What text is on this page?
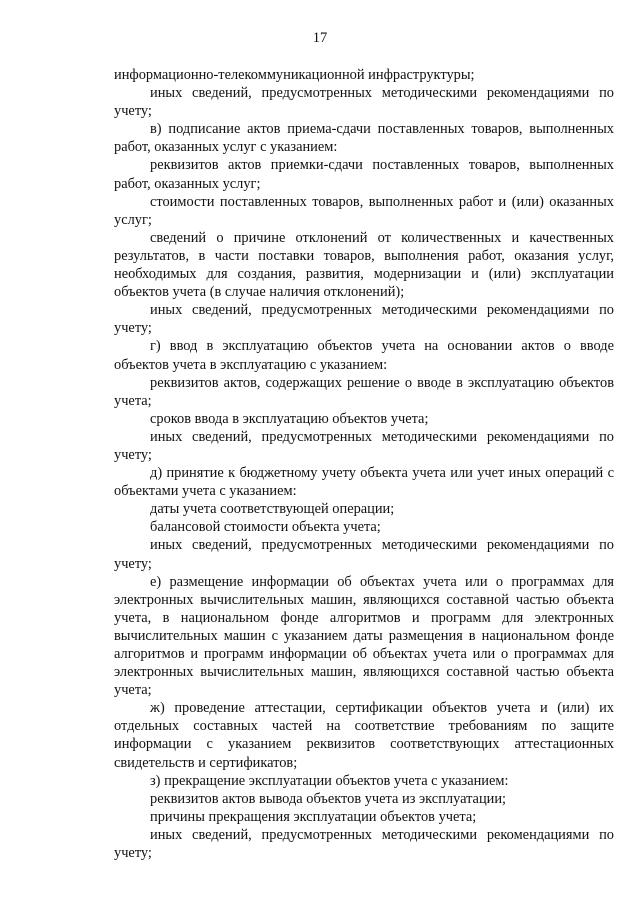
17

информационно-телекоммуникационной инфраструктуры;

иных сведений, предусмотренных методическими рекомендациями по учету;

в) подписание актов приема-сдачи поставленных товаров, выполненных работ, оказанных услуг с указанием:

реквизитов актов приемки-сдачи поставленных товаров, выполненных работ, оказанных услуг;

стоимости поставленных товаров, выполненных работ и (или) оказанных услуг;

сведений о причине отклонений от количественных и качественных результатов, в части поставки товаров, выполнения работ, оказания услуг, необходимых для создания, развития, модернизации и (или) эксплуатации объектов учета (в случае наличия отклонений);

иных сведений, предусмотренных методическими рекомендациями по учету;

г) ввод в эксплуатацию объектов учета на основании актов о вводе объектов учета в эксплуатацию с указанием:

реквизитов актов, содержащих решение о вводе в эксплуатацию объектов учета;

сроков ввода в эксплуатацию объектов учета;

иных сведений, предусмотренных методическими рекомендациями по учету;

д) принятие к бюджетному учету объекта учета или учет иных операций с объектами учета с указанием:

даты учета соответствующей операции;

балансовой стоимости объекта учета;

иных сведений, предусмотренных методическими рекомендациями по учету;

е) размещение информации об объектах учета или о программах для электронных вычислительных машин, являющихся составной частью объекта учета, в национальном фонде алгоритмов и программ для электронных вычислительных машин с указанием даты размещения в национальном фонде алгоритмов и программ информации об объектах учета или о программах для электронных вычислительных машин, являющихся составной частью объекта учета;

ж) проведение аттестации, сертификации объектов учета и (или) их отдельных составных частей на соответствие требованиям по защите информации с указанием реквизитов соответствующих аттестационных свидетельств и сертификатов;

з) прекращение эксплуатации объектов учета с указанием:

реквизитов актов вывода объектов учета из эксплуатации;

причины прекращения эксплуатации объектов учета;

иных сведений, предусмотренных методическими рекомендациями по учету;
